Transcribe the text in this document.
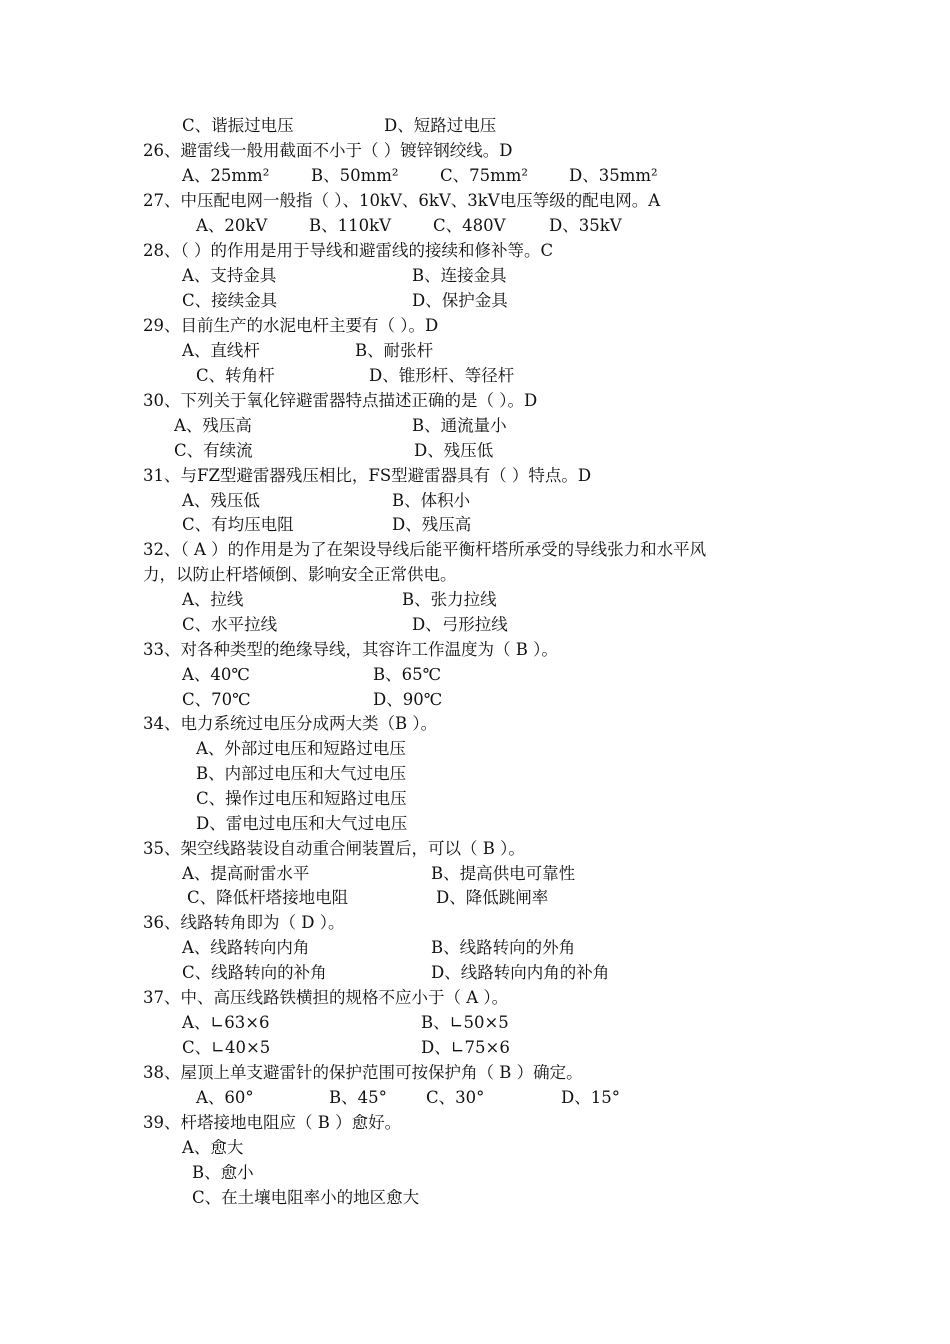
C、谐振过电压	D、短路过电压
26、避雷线一般用截面不小于（ ）镀锌钢绞线。D
A、25mm²	B、50mm²	C、75mm² D、35mm²
27、中压配电网一般指（ ）、10kV、6kV、3kV电压等级的配电网。A
A、20kV	B、110kV	C、480V	D、35kV
28、（ ）的作用是用于导线和避雷线的接续和修补等。C
A、支持金具	B、连接金具
C、接续金具	D、保护金具
29、目前生产的水泥电杆主要有（ ）。D
A、直线杆	B、耐张杆
C、转角杆	D、锥形杆、等径杆
30、下列关于氧化锌避雷器特点描述正确的是（ ）。D
A、残压高	B、通流量小
C、有续流	D、残压低
31、与FZ型避雷器残压相比，FS型避雷器具有（ ）特点。D
A、残压低	B、体积小
C、有均压电阻	D、残压高
32、（ A ）的作用是为了在架设导线后能平衡杆塔所承受的导线张力和水平风
力，以防止杆塔倾倒、影响安全正常供电。
A、拉线	B、张力拉线
C、水平拉线	D、弓形拉线
33、对各种类型的绝缘导线，其容许工作温度为（ B ）。
A、40℃	B、65℃
C、70℃	D、90℃
34、电力系统过电压分成两大类（B ）。
A、外部过电压和短路过电压
B、内部过电压和大气过电压
C、操作过电压和短路过电压
D、雷电过电压和大气过电压
35、架空线路装设自动重合闸装置后，可以（ B ）。
A、提高耐雷水平	B、提高供电可靠性
C、降低杆塔接地电阻	D、降低跳闸率
36、线路转角即为（ D ）。
A、线路转向内角	B、线路转向的外角
C、线路转向的补角	D、线路转向内角的补角
37、中、高压线路铁横担的规格不应小于（ A ）。
A、∟63×6	B、∟50×5
C、∟40×5	D、∟75×6
38、屋顶上单支避雷针的保护范围可按保护角（ B ）确定。
A、60°	B、45° C、30°	D、15°
39、杆塔接地电阻应（ B ）愈好。
A、愈大
B、愈小
C、在土壤电阻率小的地区愈大
